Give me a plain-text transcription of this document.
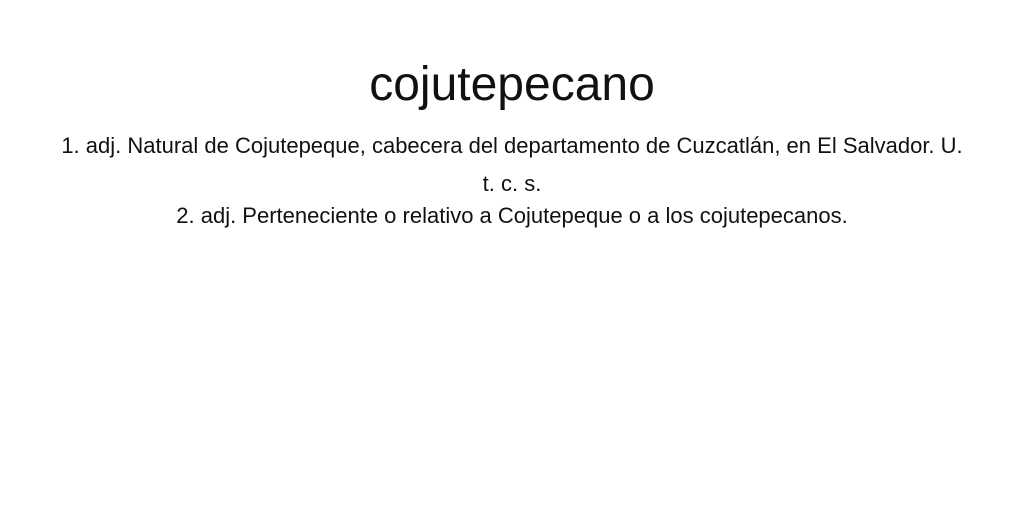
cojutepecano
1. adj. Natural de Cojutepeque, cabecera del departamento de Cuzcatlán, en El Salvador. U. t. c. s.
2. adj. Perteneciente o relativo a Cojutepeque o a los cojutepecanos.
